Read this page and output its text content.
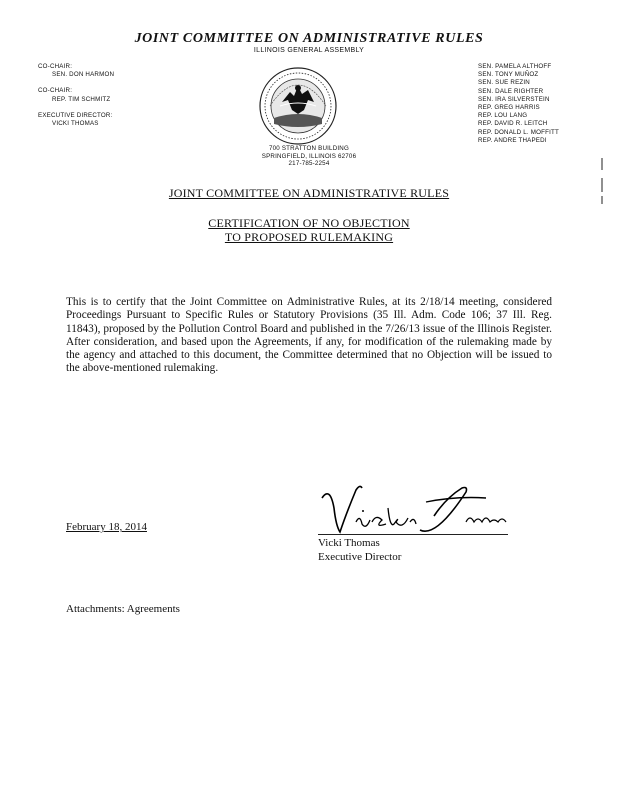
JOINT COMMITTEE ON ADMINISTRATIVE RULES
ILLINOIS GENERAL ASSEMBLY
CO-CHAIR:
SEN. DON HARMON
CO-CHAIR:
REP. TIM SCHMITZ
EXECUTIVE DIRECTOR:
VICKI THOMAS
SEN. PAMELA ALTHOFF
SEN. TONY MUÑOZ
SEN. SUE REZIN
SEN. DALE RIGHTER
SEN. IRA SILVERSTEIN
REP. GREG HARRIS
REP. LOU LANG
REP. DAVID R. LEITCH
REP. DONALD L. MOFFITT
REP. ANDRE THAPEDI
700 STRATTON BUILDING
SPRINGFIELD, ILLINOIS 62706
217-785-2254
JOINT COMMITTEE ON ADMINISTRATIVE RULES
CERTIFICATION OF NO OBJECTION
TO PROPOSED RULEMAKING
This is to certify that the Joint Committee on Administrative Rules, at its 2/18/14 meeting, considered Proceedings Pursuant to Specific Rules or Statutory Provisions (35 Ill. Adm. Code 106; 37 Ill. Reg. 11843), proposed by the Pollution Control Board and published in the 7/26/13 issue of the Illinois Register. After consideration, and based upon the Agreements, if any, for modification of the rulemaking made by the agency and attached to this document, the Committee determined that no Objection will be issued to the above-mentioned rulemaking.
February 18, 2014
Vicki Thomas
Executive Director
Attachments: Agreements
